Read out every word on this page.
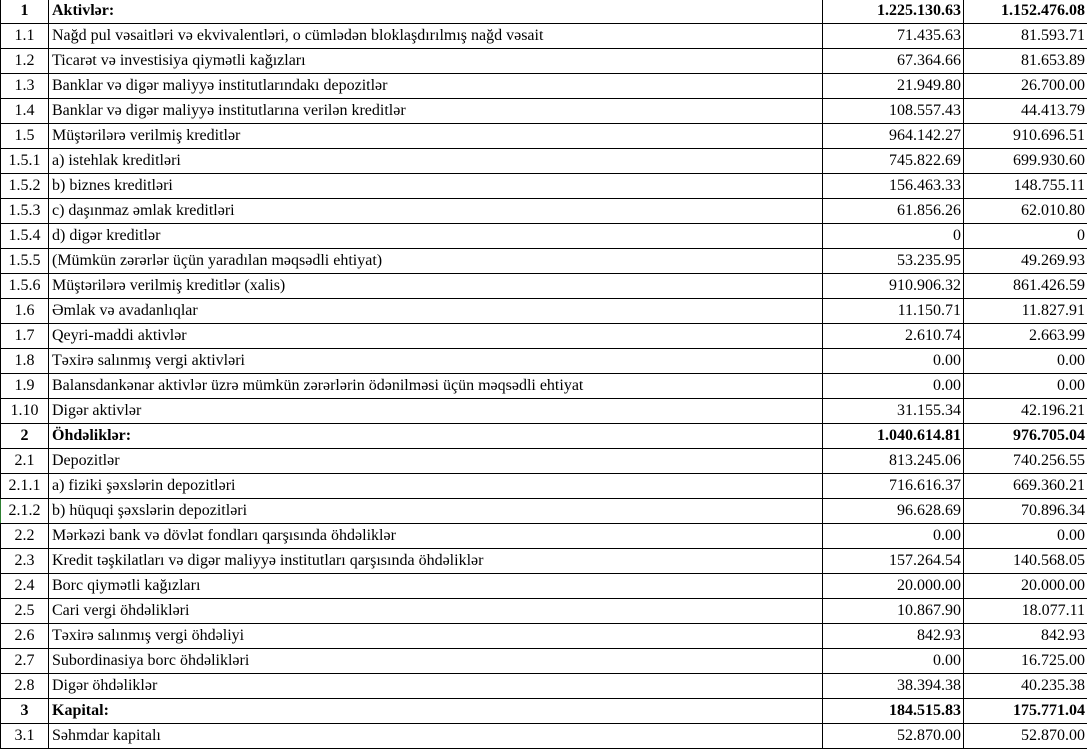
1	Aktivlər:	1.225.130.63	1.152.476.08
1.1	Nağd pul vəsaitləri və ekvivalentləri, o cümlədən bloklaşdırılmış nağd vəsait	71.435.63	81.593.71
1.2	Ticarət və investisiya qiymətli kağızları	67.364.66	81.653.89
1.3	Banklar və digər maliyyə institutlarındakı depozitlər	21.949.80	26.700.00
1.4	Banklar və digər maliyyə institutlarına verilən kreditlər	108.557.43	44.413.79
1.5	Müştərilərə verilmiş kreditlər	964.142.27	910.696.51
1.5.1	a) istehlak kreditləri	745.822.69	699.930.60
1.5.2	b) biznes kreditləri	156.463.33	148.755.11
1.5.3	c) daşınmaz əmlak kreditləri	61.856.26	62.010.80
1.5.4	d) digər kreditlər	0	0
1.5.5	(Mümkün zərərlər üçün yaradılan məqsədli ehtiyat)	53.235.95	49.269.93
1.5.6	Müştərilərə verilmiş kreditlər (xalis)	910.906.32	861.426.59
1.6	Əmlak və avadanlıqlar	11.150.71	11.827.91
1.7	Qeyri-maddi aktivlər	2.610.74	2.663.99
1.8	Təxirə salınmış vergi aktivləri	0.00	0.00
1.9	Balansdankənar aktivlər üzrə mümkün zərərlərin ödənilməsi üçün məqsədli ehtiyat	0.00	0.00
1.10	Digər aktivlər	31.155.34	42.196.21
2	Öhdəliklər:	1.040.614.81	976.705.04
2.1	Depozitlər	813.245.06	740.256.55
2.1.1	a) fiziki şəxslərin depozitləri	716.616.37	669.360.21
2.1.2	b) hüquqi şəxslərin depozitləri	96.628.69	70.896.34
2.2	Mərkəzi bank və dövlət fondları qarşısında öhdəliklər	0.00	0.00
2.3	Kredit təşkilatları və digər maliyyə institutları qarşısında öhdəliklər	157.264.54	140.568.05
2.4	Borc qiymətli kağızları	20.000.00	20.000.00
2.5	Cari vergi öhdəlikləri	10.867.90	18.077.11
2.6	Təxirə salınmış vergi öhdəliyi	842.93	842.93
2.7	Subordinasiya borc öhdəlikləri	0.00	16.725.00
2.8	Digər öhdəliklər	38.394.38	40.235.38
3	Kapital:	184.515.83	175.771.04
3.1	Səhmdar kapitalı	52.870.00	52.870.00
